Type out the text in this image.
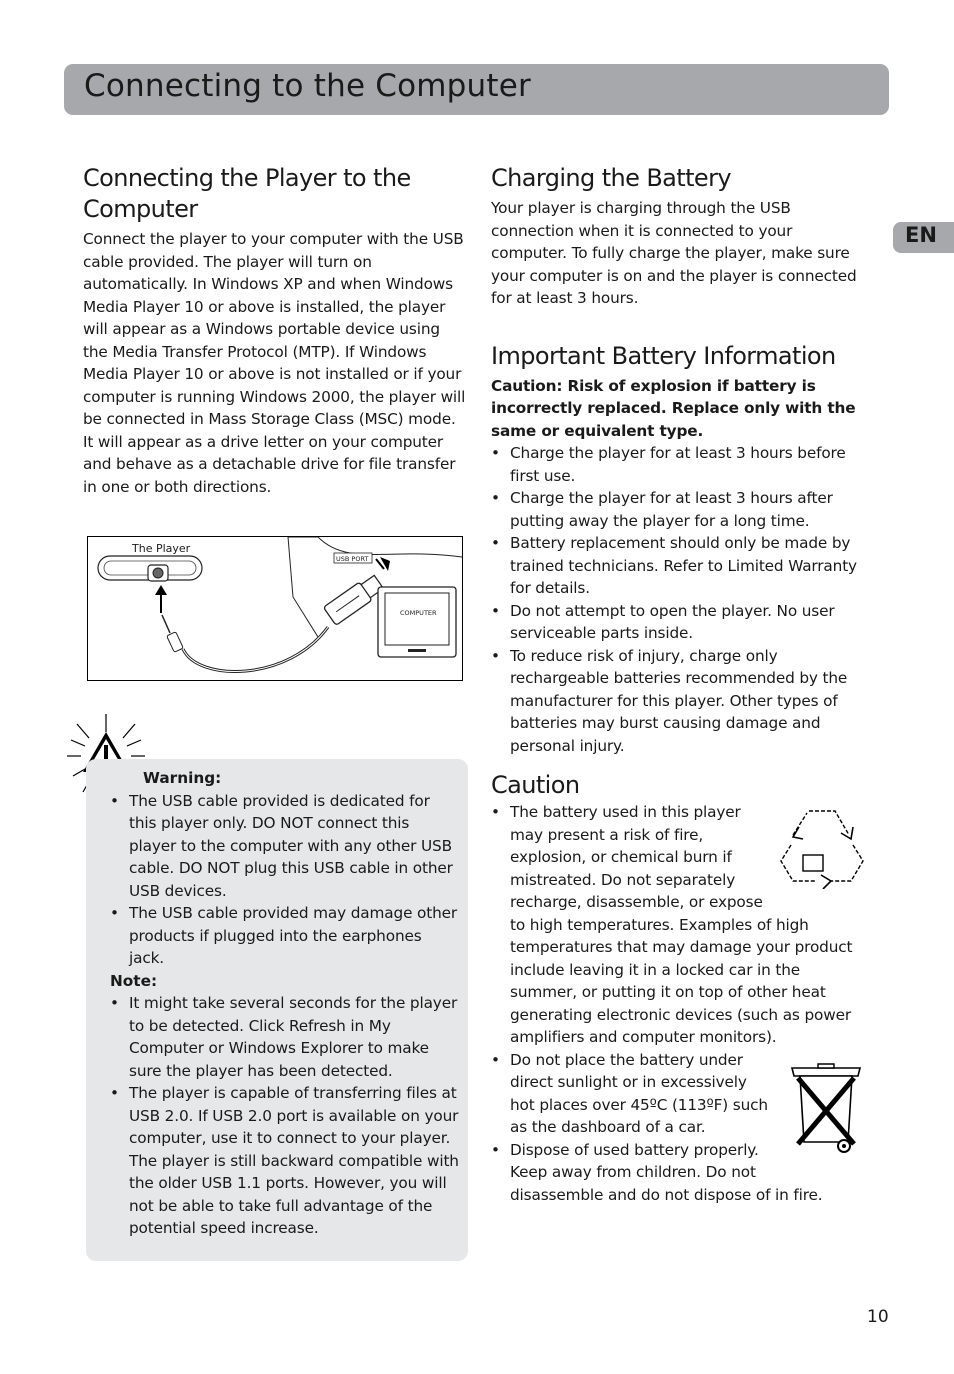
Connecting to the Computer
EN
Connecting the Player to the Computer

Connect the player to your computer with the USB cable provided. The player will turn on automatically. In Windows XP and when Windows Media Player 10 or above is installed, the player will appear as a Windows portable device using the Media Transfer Protocol (MTP). If Windows Media Player 10 or above is not installed or if your computer is running Windows 2000, the player will be connected in Mass Storage Class (MSC) mode. It will appear as a drive letter on your computer and behave as a detachable drive for file transfer in one or both directions.

The Player
USB PORT
COMPUTER
Warning:
• The USB cable provided is dedicated for this player only. DO NOT connect this player to the computer with any other USB cable. DO NOT plug this USB cable in other USB devices.
• The USB cable provided may damage other products if plugged into the earphones jack.
Note:
• It might take several seconds for the player to be detected. Click Refresh in My Computer or Windows Explorer to make sure the player has been detected.
• The player is capable of transferring files at USB 2.0. If USB 2.0 port is available on your computer, use it to connect to your player. The player is still backward compatible with the older USB 1.1 ports. However, you will not be able to take full advantage of the potential speed increase.
Charging the Battery

Your player is charging through the USB connection when it is connected to your computer. To fully charge the player, make sure your computer is on and the player is connected for at least 3 hours.

Important Battery Information

Caution: Risk of explosion if battery is incorrectly replaced. Replace only with the same or equivalent type.

• Charge the player for at least 3 hours before first use.
• Charge the player for at least 3 hours after putting away the player for a long time.
• Battery replacement should only be made by trained technicians. Refer to Limited Warranty for details.
• Do not attempt to open the player. No user serviceable parts inside.
• To reduce risk of injury, charge only rechargeable batteries recommended by the manufacturer for this player. Other types of batteries may burst causing damage and personal injury.
Caution
• The battery used in this player
may present a risk of fire,
explosion, or chemical burn if
mistreated. Do not separately
recharge, disassemble, or expose
to high temperatures. Examples of high
temperatures that may damage your product
include leaving it in a locked car in the
summer, or putting it on top of other heat
generating electronic devices (such as power
amplifiers and computer monitors).
• Do not place the battery under
direct sunlight or in excessively
hot places over 45ºC (113ºF) such
as the dashboard of a car.
• Dispose of used battery properly.
Keep away from children. Do not
disassemble and do not dispose of in fire.
10
